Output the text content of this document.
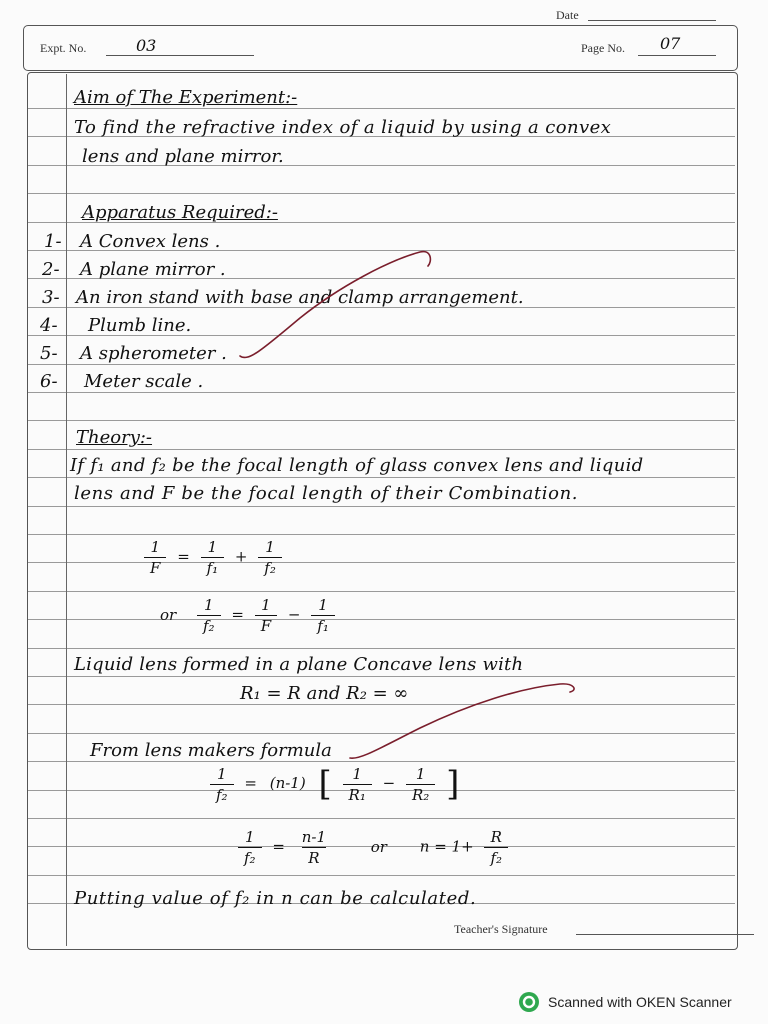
Date
Expt. No.	03	Page No. 07
Aim of The Experiment:-
To find the refractive index of a liquid by using a convex
lens and plane mirror.
Apparatus Required:-
1- A Convex lens .
2- A plane mirror .
3- An iron stand with base and clamp arrangement.
4- Plumb line.
5- A spherometer .
6- Meter scale .
Theory:-
If f₁ and f₂ be the focal length of glass convex lens and liquid
lens and F be the focal length of their Combination.
$\frac{1}{F} = \frac{1}{\text{f₁}} + \frac{1}{\text{f₂}}$
or $\frac{1}{\text{f₂}} = \frac{1}{F} - \frac{1}{\text{f₁}}$
Liquid lens formed in a plane Concave lens with
R₁ = R and R₂ = ∞
From lens makers formula
$\frac{1}{\text{f₂}} = (n-1)$ [ $\frac{1}{\text{R₁}} - \frac{1}{\text{R₂}}$ ]
$\frac{1}{\text{f₂}} = \frac{n-1}{R}$	or $n = 1+ \frac{R}{\text{f₂}}$
Putting value of f₂ in n can be calculated.
Teacher's Signature
Scanned with OKEN Scanner
